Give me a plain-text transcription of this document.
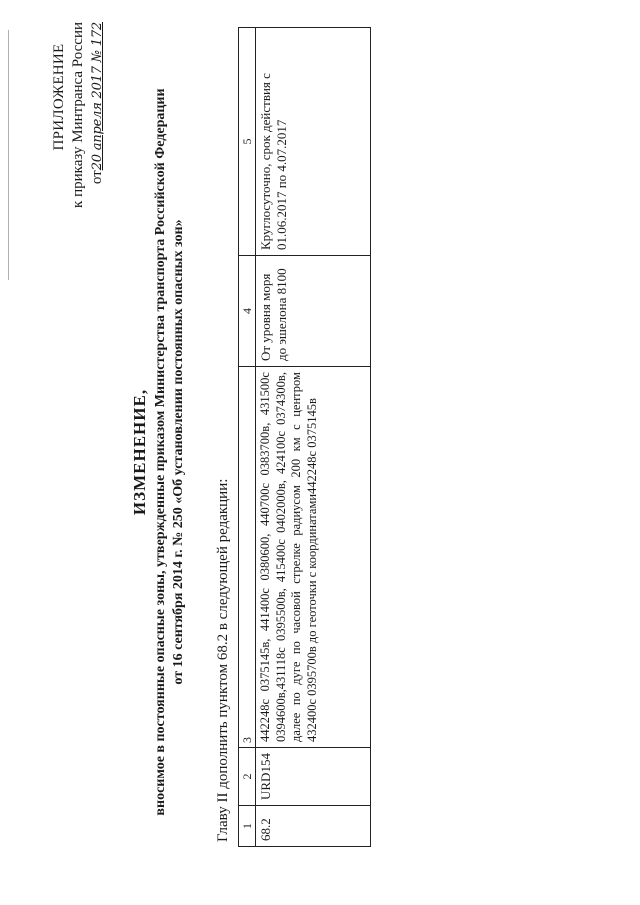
ПРИЛОЖЕНИЕ к приказу Минтранса России от20 апреля 2017 № 172
ИЗМЕНЕНИЕ, вносимое в постоянные опасные зоны, утвержденные приказом Министерства транспорта Российской Федерации от 16 сентября 2014 г. № 250 «Об установлении постоянных опасных зон» Главу II дополнить пунктом 68.2 в следующей редакции: 1	2	3	4	5
68.2	URD154	442248с 0375145в, 441400с 0380600, 440700с 0383700в, 431500с 0394600в,431118с 0395500в, 415400с 0402000в, 424100с 0374300в, далее по дуге по часовой стрелке радиусом 200 км с центром 432400с 0395700в до геоточки с координатами442248с 0375145в	От уровня моря до эшелона 8100	Круглосуточно, срок действия с 01.06.2017 по 4.07.2017
